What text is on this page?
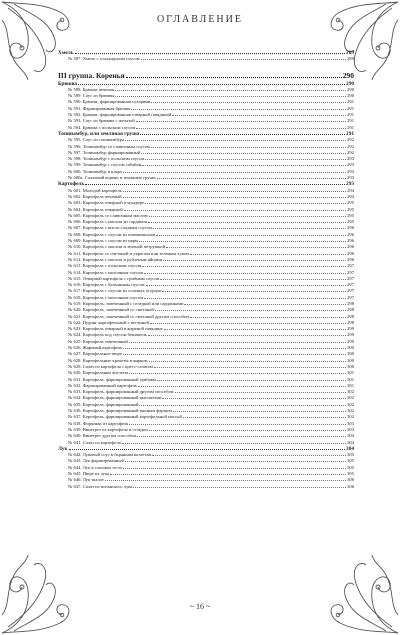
ОГЛАВЛЕНИЕ
Хмель	289
№ 587. Хмель с голландским соусом	289
III группа. Коренья	290
Брюква	290
№ 588. Брюква печеная	290
№ 589. Соус из брюквы	290
№ 590. Брюква, фаршированная сухарями	291
№ 591. Фаршированная брюква	291
№ 592. Брюква, фаршированная отварной говядиной	291
№ 593. Соус из брюквы с желатой	291
№ 594. Брюква с польским соусом	291
Топинамбур, или земляная груша	291
№ 595. Соус из топинамбура	292
№ 596. Топинамбур со сливочным соусом	292
№ 597. Топинамбур фаршированный	292
№ 598. Топинамбур с польским соусом	293
№ 599. Топинамбур с соусом сабайон	293
№ 600. Топинамбур в кляре	293
№ 600а. Салатный корень и земляные груши	293
Картофель	293
№ 601. Молодой картофель	294
№ 602. Картофель печеный	294
№ 603. Картофель отварной в мундире	295
№ 604. Картофель отварной	295
№ 605. Картофель со сливочным маслом	295
№ 606. Картофель с маслом из сардинок	295
№ 607. Картофель с кисло-сладким соусом	296
№ 608. Картофель с соусом из шампиньонов	296
№ 609. Картофель с соусом из икры	296
№ 610. Картофель с маслом и зеленой петрушкой	296
№ 611. Картофель со сметаной и укропом или зеленым луком	296
№ 612. Картофель с маслом и рубленым яйцами	296
№ 613. Картофель с польским соусом	297
№ 614. Картофель с молочным соусом	297
№ 615. Отварной картофель с грибным соусом	297
№ 616. Картофель с бульонным соусом	297
№ 617. Картофель с соусом из соленых огурцов	297
№ 618. Картофель с молочным соусом	297
№ 619. Картофель, запеченный с селедкой или сардинками	298
№ 620. Картофель, запеченный со сметаной	298
№ 621. Картофель, запеченный со сметаной другим способом	298
№ 622. Пудинг картофельный с ветчиной	298
№ 623. Картофель отварной в жареной говядине	299
№ 624. Картофель под соусом бешамель	299
№ 625. Картофель запеченный	299
№ 626. Жареный картофель	300
№ 627. Картофельное пюре	300
№ 628. Картофельные крокеты в жарком	300
№ 629. Салат из картофеля с кресс-салатом	300
№ 630. Картофельные котлеты	301
№ 631. Картофель, фаршированный грибами	301
№ 632. Фаршированный картофель	301
№ 633. Картофель, фаршированный другим способом	302
№ 634. Картофель, фаршированный цыплятами	302
№ 635. Картофель, фаршированный	302
№ 636. Картофель, фаршированный мясным фаршем	302
№ 637. Картофель, фаршированный картофельной массой	302
№ 638. Форшмак из картофеля	303
№ 639. Винегрет из картофеля и селедки	303
№ 640. Винегрет другим способом	304
№ 641. Салат из картофеля	304
Лук	304
№ 642. Луковый соус к бараньим котлетам	305
№ 643. Лук фаршированный	305
№ 644. Лук в слоеном тесте	305
№ 645. Пюре из лука	305
№ 646. Лук-шалот	306
№ 647. Салат из испанского лука	306
~ 16 ~
